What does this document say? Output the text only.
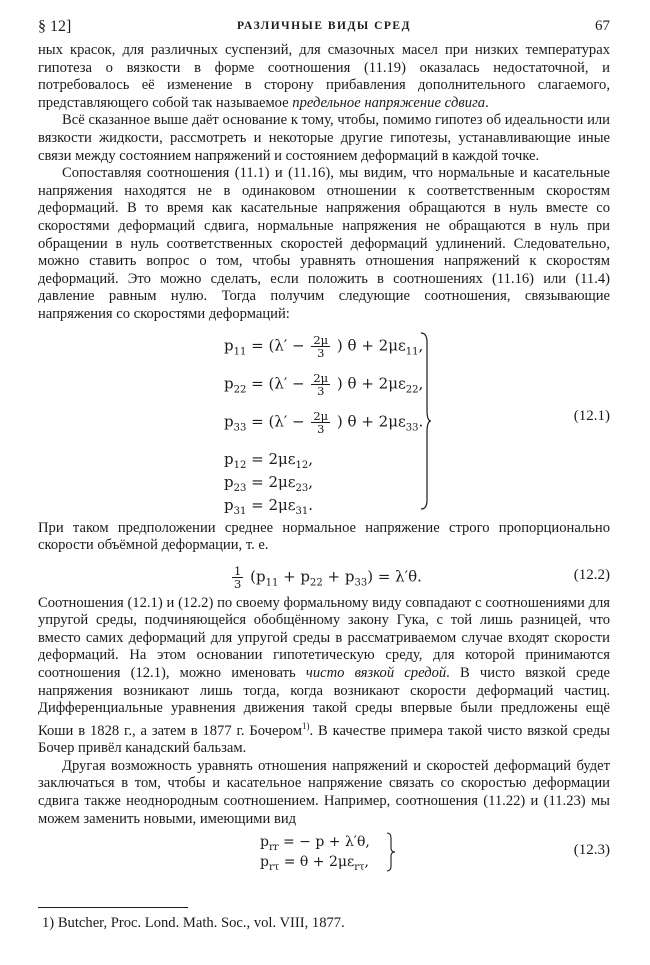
§ 12]	РАЗЛИЧНЫЕ ВИДЫ СРЕД	67

ных красок, для различных суспензий, для смазочных масел при низких температурах гипотеза о вязкости в форме соотношения (11.19) оказалась недостаточной, и потребовалось её изменение в сторону прибавления дополнительного слагаемого, представляющего собой так называемое предельное напряжение сдвига.

Всё сказанное выше даёт основание к тому, чтобы, помимо гипотез об идеальности или вязкости жидкости, рассмотреть и некоторые другие гипотезы, устанавливающие иные связи между состоянием напряжений и состоянием деформаций в каждой точке.

Сопоставляя соотношения (11.1) и (11.16), мы видим, что нормальные и касательные напряжения находятся не в одинаковом отношении к соответственным скоростям деформаций. В то время как касательные напряжения обращаются в нуль вместе со скоростями деформаций сдвига, нормальные напряжения не обращаются в нуль при обращении в нуль соответственных скоростей деформаций удлинений. Следовательно, можно ставить вопрос о том, чтобы уравнять отношения напряжений к скоростям деформаций. Это можно сделать, если положить в соотношениях (11.16) или (11.4) давление равным нулю. Тогда получим следующие соотношения, связывающие напряжения со скоростями деформаций:

$p_{11} = (\lambda' - \frac{2\mu}{3}$ ) $\theta + 2\mu\varepsilon_{11}$,
$p_{22} = (\lambda' - \frac{2\mu}{3}$ ) $\theta + 2\mu\varepsilon_{22}$,
$p_{33} = (\lambda' - \frac{2\mu}{3}$ ) $\theta + 2\mu\varepsilon_{33}$.
$p_{12} = 2\mu\varepsilon_{12}$,
$p_{23} = 2\mu\varepsilon_{23}$,
$p_{31} = 2\mu\varepsilon_{31}$.
(12.1)

При таком предположении среднее нормальное напряжение строго пропорционально скорости объёмной деформации, т. е.

$\frac{1}{3} (p_{11} + p_{22} + p_{33}) = \lambda'\theta$.	(12.2)

Соотношения (12.1) и (12.2) по своему формальному виду совпадают с соотношениями для упругой среды, подчиняющейся обобщённому закону Гука, с той лишь разницей, что вместо самих деформаций для упругой среды в рассматриваемом случае входят скорости деформаций. На этом основании гипотетическую среду, для которой принимаются соотношения (12.1), можно именовать чисто вязкой средой. В чисто вязкой среде напряжения возникают лишь тогда, когда возникают скорости деформаций частиц. Дифференциальные уравнения движения такой среды впервые были предложены ещё Коши в 1828 г., а затем в 1877 г. Бочером$^{1)}$. В качестве примера такой чисто вязкой среды Бочер привёл канадский бальзам.

Другая возможность уравнять отношения напряжений и скоростей деформаций будет заключаться в том, чтобы и касательное напряжение связать со скоростью деформации сдвига также неоднородным соотношением. Например, соотношения (11.22) и (11.23) мы можем заменить новыми, имеющими вид

$p_{rr}$ = − p + λ′θ,
$p_{r\tau} = \theta + 2\mu\varepsilon_{r\tau}$,
(12.3)
1) Butcher, Proc. Lond. Math. Soc., vol. VIII, 1877.
